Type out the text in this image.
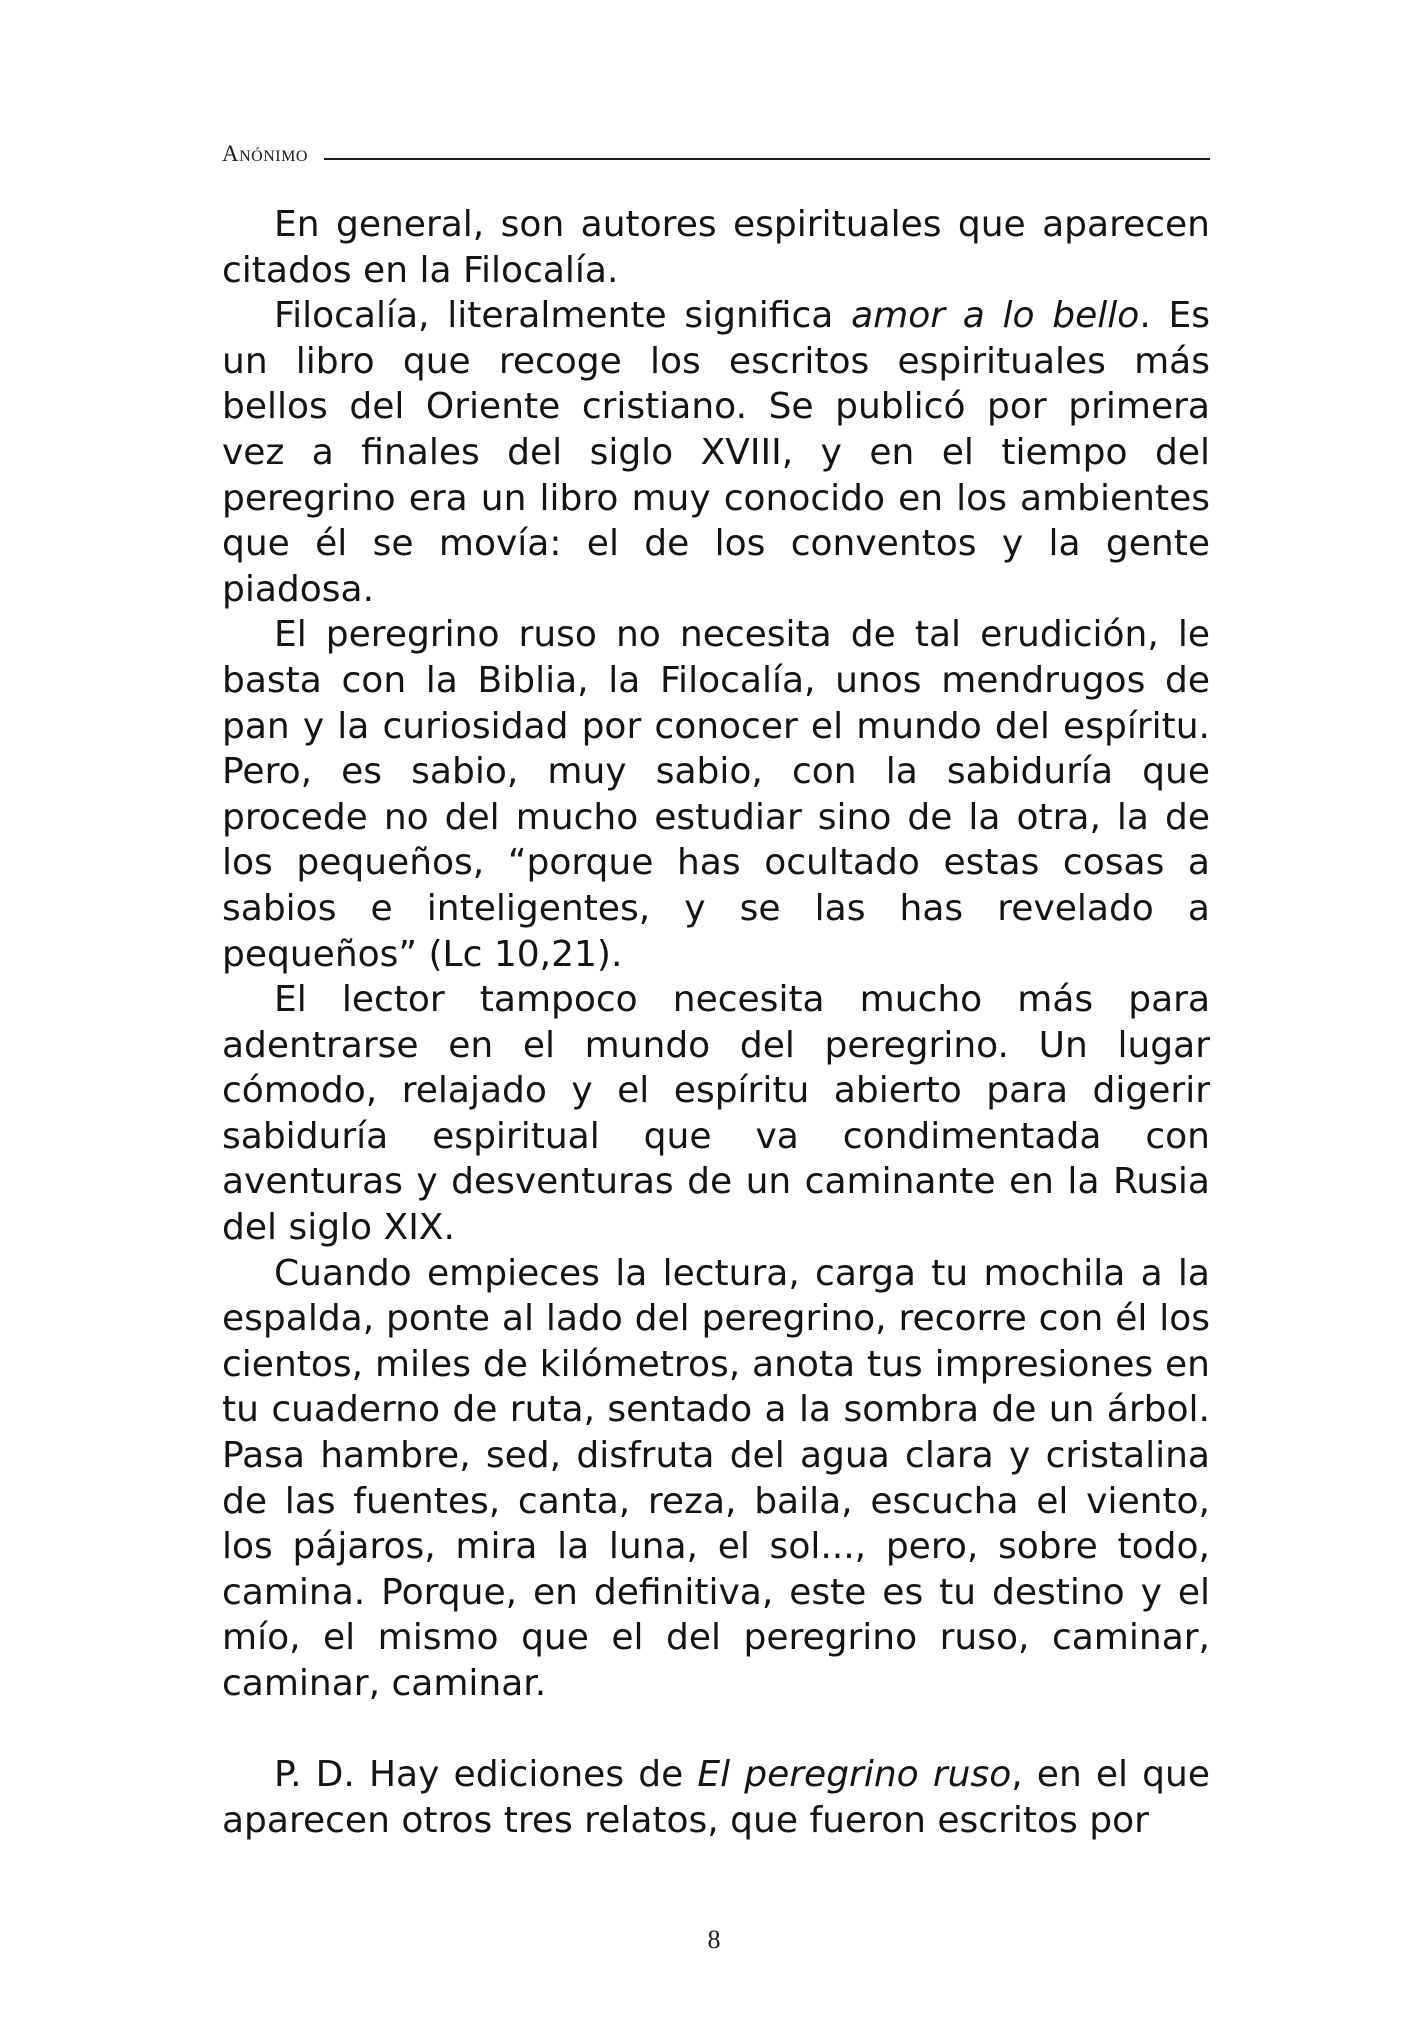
Anónimo

En general, son autores espirituales que aparecen citados en la Filocalía.

Filocalía, literalmente significa amor a lo bello. Es un libro que recoge los escritos espirituales más bellos del Oriente cristiano. Se publicó por primera vez a finales del siglo XVIII, y en el tiempo del peregrino era un libro muy conocido en los ambientes que él se movía: el de los conventos y la gente piadosa.

El peregrino ruso no necesita de tal erudición, le basta con la Biblia, la Filocalía, unos mendrugos de pan y la curiosidad por conocer el mundo del espíritu. Pero, es sabio, muy sabio, con la sabiduría que procede no del mucho estudiar sino de la otra, la de los pequeños, “porque has ocultado estas cosas a sabios e inteligentes, y se las has revelado a pequeños” (Lc 10,21).

El lector tampoco necesita mucho más para adentrarse en el mundo del peregrino. Un lugar cómodo, relajado y el espíritu abierto para digerir sabiduría espiritual que va condimentada con aventuras y desventuras de un caminante en la Rusia del siglo XIX.

Cuando empieces la lectura, carga tu mochila a la espalda, ponte al lado del peregrino, recorre con él los cientos, miles de kilómetros, anota tus impresiones en tu cuaderno de ruta, sentado a la sombra de un árbol. Pasa hambre, sed, disfruta del agua clara y cristalina de las fuentes, canta, reza, baila, escucha el viento, los pájaros, mira la luna, el sol..., pero, sobre todo, camina. Porque, en definitiva, este es tu destino y el mío, el mismo que el del peregrino ruso, caminar, caminar, caminar.

P. D. Hay ediciones de El peregrino ruso, en el que aparecen otros tres relatos, que fueron escritos por

8
